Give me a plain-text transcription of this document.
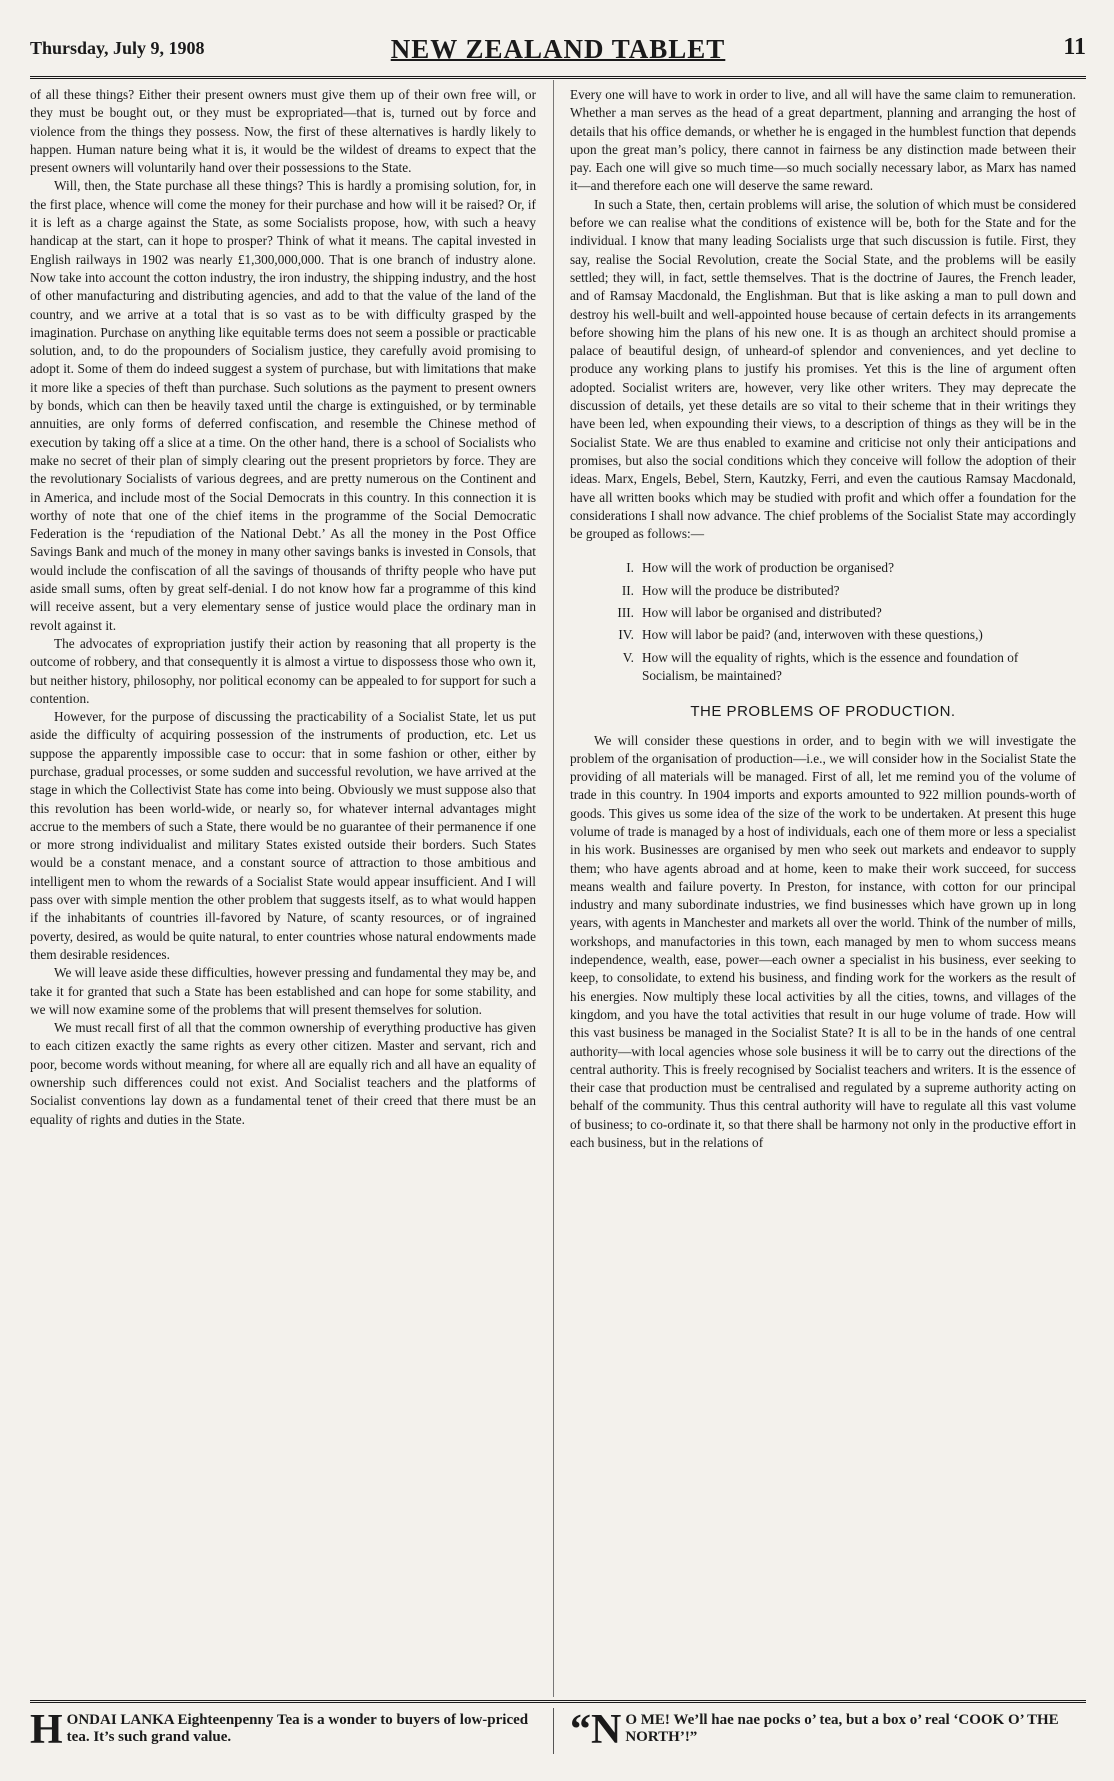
Thursday, July 9, 1908	NEW ZEALAND TABLET	11

of all these things? Either their present owners must give them up of their own free will, or they must be bought out, or they must be expropriated—that is, turned out by force and violence from the things they possess. Now, the first of these alternatives is hardly likely to happen. Human nature being what it is, it would be the wildest of dreams to expect that the present owners will voluntarily hand over their possessions to the State.

Will, then, the State purchase all these things? This is hardly a promising solution, for, in the first place, whence will come the money for their purchase and how will it be raised? Or, if it is left as a charge against the State, as some Socialists propose, how, with such a heavy handicap at the start, can it hope to prosper? Think of what it means. The capital invested in English railways in 1902 was nearly £1,300,000,000. That is one branch of industry alone. Now take into account the cotton industry, the iron industry, the shipping industry, and the host of other manufacturing and distributing agencies, and add to that the value of the land of the country, and we arrive at a total that is so vast as to be with difficulty grasped by the imagination. Purchase on anything like equitable terms does not seem a possible or practicable solution, and, to do the propounders of Socialism justice, they carefully avoid promising to adopt it. Some of them do indeed suggest a system of purchase, but with limitations that make it more like a species of theft than purchase. Such solutions as the payment to present owners by bonds, which can then be heavily taxed until the charge is extinguished, or by terminable annuities, are only forms of deferred confiscation, and resemble the Chinese method of execution by taking off a slice at a time. On the other hand, there is a school of Socialists who make no secret of their plan of simply clearing out the present proprietors by force. They are the revolutionary Socialists of various degrees, and are pretty numerous on the Continent and in America, and include most of the Social Democrats in this country. In this connection it is worthy of note that one of the chief items in the programme of the Social Democratic Federation is the ‘repudiation of the National Debt.’ As all the money in the Post Office Savings Bank and much of the money in many other savings banks is invested in Consols, that would include the confiscation of all the savings of thousands of thrifty people who have put aside small sums, often by great self-denial. I do not know how far a programme of this kind will receive assent, but a very elementary sense of justice would place the ordinary man in revolt against it.

The advocates of expropriation justify their action by reasoning that all property is the outcome of robbery, and that consequently it is almost a virtue to dispossess those who own it, but neither history, philosophy, nor political economy can be appealed to for support for such a contention.

However, for the purpose of discussing the practicability of a Socialist State, let us put aside the difficulty of acquiring possession of the instruments of production, etc. Let us suppose the apparently impossible case to occur: that in some fashion or other, either by purchase, gradual processes, or some sudden and successful revolution, we have arrived at the stage in which the Collectivist State has come into being. Obviously we must suppose also that this revolution has been world-wide, or nearly so, for whatever internal advantages might accrue to the members of such a State, there would be no guarantee of their permanence if one or more strong individualist and military States existed outside their borders. Such States would be a constant menace, and a constant source of attraction to those ambitious and intelligent men to whom the rewards of a Socialist State would appear insufficient. And I will pass over with simple mention the other problem that suggests itself, as to what would happen if the inhabitants of countries ill-favored by Nature, of scanty resources, or of ingrained poverty, desired, as would be quite natural, to enter countries whose natural endowments made them desirable residences.

We will leave aside these difficulties, however pressing and fundamental they may be, and take it for granted that such a State has been established and can hope for some stability, and we will now examine some of the problems that will present themselves for solution.

We must recall first of all that the common ownership of everything productive has given to each citizen exactly the same rights as every other citizen. Master and servant, rich and poor, become words without meaning, for where all are equally rich and all have an equality of ownership such differences could not exist. And Socialist teachers and the platforms of Socialist conventions lay down as a fundamental tenet of their creed that there must be an equality of rights and duties in the State.

Every one will have to work in order to live, and all will have the same claim to remuneration. Whether a man serves as the head of a great department, planning and arranging the host of details that his office demands, or whether he is engaged in the humblest function that depends upon the great man’s policy, there cannot in fairness be any distinction made between their pay. Each one will give so much time—so much socially necessary labor, as Marx has named it—and therefore each one will deserve the same reward.

In such a State, then, certain problems will arise, the solution of which must be considered before we can realise what the conditions of existence will be, both for the State and for the individual. I know that many leading Socialists urge that such discussion is futile. First, they say, realise the Social Revolution, create the Social State, and the problems will be easily settled; they will, in fact, settle themselves. That is the doctrine of Jaures, the French leader, and of Ramsay Macdonald, the Englishman. But that is like asking a man to pull down and destroy his well-built and well-appointed house because of certain defects in its arrangements before showing him the plans of his new one. It is as though an architect should promise a palace of beautiful design, of unheard-of splendor and conveniences, and yet decline to produce any working plans to justify his promises. Yet this is the line of argument often adopted. Socialist writers are, however, very like other writers. They may deprecate the discussion of details, yet these details are so vital to their scheme that in their writings they have been led, when expounding their views, to a description of things as they will be in the Socialist State. We are thus enabled to examine and criticise not only their anticipations and promises, but also the social conditions which they conceive will follow the adoption of their ideas. Marx, Engels, Bebel, Stern, Kautzky, Ferri, and even the cautious Ramsay Macdonald, have all written books which may be studied with profit and which offer a foundation for the considerations I shall now advance. The chief problems of the Socialist State may accordingly be grouped as follows:—

I. How will the work of production be organised?
II. How will the produce be distributed?
III. How will labor be organised and distributed?
IV. How will labor be paid? (and, interwoven with these questions,)
V. How will the equality of rights, which is the essence and foundation of Socialism, be maintained?
THE PROBLEMS OF PRODUCTION.

We will consider these questions in order, and to begin with we will investigate the problem of the organisation of production—i.e., we will consider how in the Socialist State the providing of all materials will be managed. First of all, let me remind you of the volume of trade in this country. In 1904 imports and exports amounted to 922 million pounds-worth of goods. This gives us some idea of the size of the work to be undertaken. At present this huge volume of trade is managed by a host of individuals, each one of them more or less a specialist in his work. Businesses are organised by men who seek out markets and endeavor to supply them; who have agents abroad and at home, keen to make their work succeed, for success means wealth and failure poverty. In Preston, for instance, with cotton for our principal industry and many subordinate industries, we find businesses which have grown up in long years, with agents in Manchester and markets all over the world. Think of the number of mills, workshops, and manufactories in this town, each managed by men to whom success means independence, wealth, ease, power—each owner a specialist in his business, ever seeking to keep, to consolidate, to extend his business, and finding work for the workers as the result of his energies. Now multiply these local activities by all the cities, towns, and villages of the kingdom, and you have the total activities that result in our huge volume of trade. How will this vast business be managed in the Socialist State? It is all to be in the hands of one central authority—with local agencies whose sole business it will be to carry out the directions of the central authority. This is freely recognised by Socialist teachers and writers. It is the essence of their case that production must be centralised and regulated by a supreme authority acting on behalf of the community. Thus this central authority will have to regulate all this vast volume of business; to co-ordinate it, so that there shall be harmony not only in the productive effort in each business, but in the relations of

H ONDAI LANKA Eighteenpenny Tea is a wonder to buyers of low-priced tea. It’s such grand value.	“N O ME! We’ll hae nae pocks o’ tea, but a box o’ real ‘COOK O’ THE NORTH’!”
